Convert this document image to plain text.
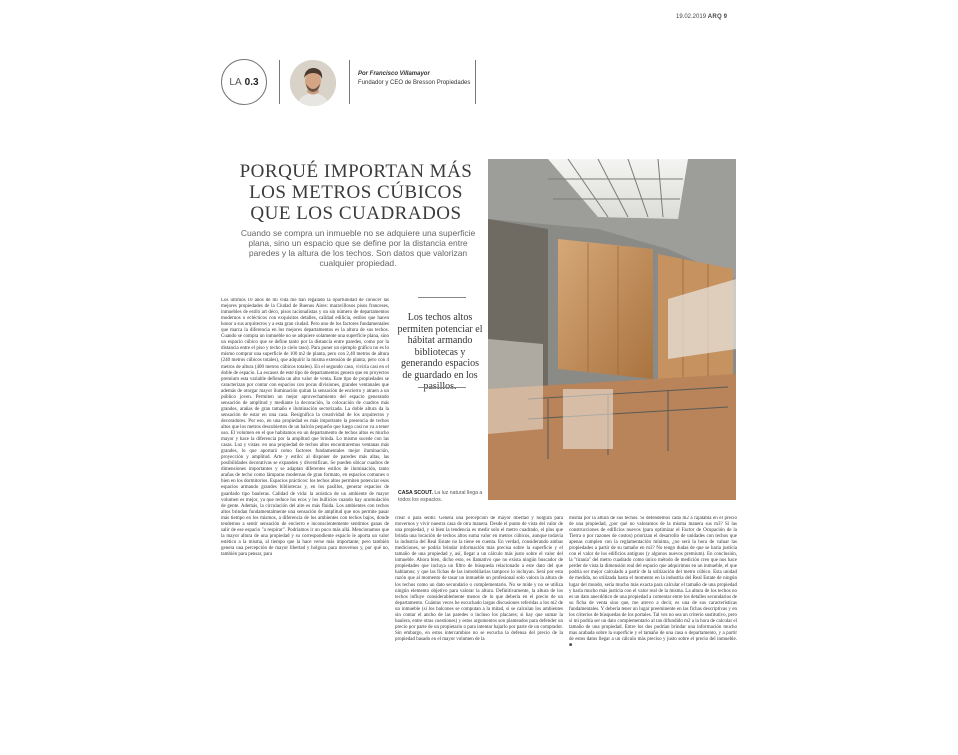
19.02.2019 ARQ 9
LA 0.3
Por Francisco Villamayor
Fundador y CEO de Bresson Propiedades
PORQUÉ IMPORTAN MÁS LOS METROS CÚBICOS QUE LOS CUADRADOS

Cuando se compra un inmueble no se adquiere una superficie plana, sino un espacio que se define por la distancia entre paredes y la altura de los techos. Son datos que valorizan cualquier propiedad.

CASA SCOUT. La luz natural llega a todos los espacios.

Los techos altos permiten potenciar el hábitat armando bibliotecas y generando espacios de guardado en los

Los últimos 10 años de mi vida me han regalado la oportunidad de conocer las mejores propiedades de la Ciudad de Buenos Aires: maravillosos pisos franceses, inmuebles de estilo art déco, pisos racionalistas y un sin número de departamentos modernos o eclécticos con exquisitos detalles, calidad edilicia, estilos que hacen honor a sus arquitectos y a esta gran ciudad. Pero uno de los factores fundamentales que marca la diferencia en los mejores departamentos es la altura de sus techos. Cuando se compra un inmueble no se adquiere solamente una superficie plana, sino un espacio cúbico que se define tanto por la distancia entre paredes, como por la distancia entre el piso y techo (o cielo raso). Para poner un ejemplo gráfico no es lo mismo comprar una superficie de 100 m2 de planta, pero con 2,40 metros de altura (240 metros cúbicos totales), que adquirir la misma extensión de planta, pero con 4 metros de altura (400 metros cúbicos totales). En el segundo caso, viviría casi en el doble de espacio. La escasez de este tipo de departamentos genera que en proyectos premium esta variable defienda un alto valor de venta. Este tipo de propiedades se caracterizan por contar con espacios con pocas divisiones, grandes ventanales que además de otorgar mayor iluminación quitan la sensación de encierro y atraen a un público joven. Permiten un mejor aprovechamiento del espacio generando sensación de amplitud y mediante la decoración, la colocación de cuadros más grandes, arañas de gran tamaño e iluminación sectorizada. La doble altura da la sensación de estar en una casa. Resignifica la creatividad de los arquitectos y decoradores. Por eso, en una propiedad es más importante la presencia de techos altos que los metros descubiertos de un balcón pequeño que luego casi no va a tener uso. El volumen en el que habitamos en un departamento de techos altos es mucho mayor y hace la diferencia por la amplitud que brinda. Lo mismo sucede con las casas. Luz y vistas: en una propiedad de techos altos encontraremos ventanas más grandes, lo que aportará como factores fundamentales mejor iluminación, proyección y amplitud. Arte y estilo: al disponer de paredes más altas, las posibilidades decorativas se expanden y diversifican. Se pueden ubicar cuadros de dimensiones importantes y se adaptan diferentes estilos de iluminación, tanto arañas de techo como lámparas modernas de gran formato, en espacios comunes o bien en los dormitorios. Espacios prácticos: los techos altos permiten potenciar esos espacios armando grandes bibliotecas y, en los pasillos, generar espacios de guardado tipo bauleras. Calidad de vida: la acústica de un ambiente de mayor volumen es mejor, ya que reduce los ecos y los bullicios cuando hay acumulación de gente. Además, la circulación del aire es más fluida. Los ambientes con techos altos brindan fundamentalmente una sensación de amplitud que nos permite pasar más tiempo en los mismos, a diferencia de los ambientes con techos bajos, donde tendemos a sentir sensación de encierro e inconscientemente sentimos ganas de salir de ese espacio "a respirar". Podríamos ir un poco más allá. Mencionamos que la mayor altura de una propiedad y su correspondiente espacio le aporta un valor estético a la misma, al tiempo que la hace verse más importante; pero también genera una percepción de mayor libertad y holgura para movernos y, por qué no, también para pensar, para

crear o para sentir. Genera una percepción de mayor libertad y holgura para movernos y vivir nuestra casa de otra manera. Desde el punto de vista del valor de una propiedad, y si bien la tendencia es medir solo el metro cuadrado, el plus que brinda una locación de techos altos suma valor en metros cúbicos, aunque todavía la industria del Real Estate no la tiene en cuenta. En verdad, considerando ambas mediciones, se podría brindar información más precisa sobre la superficie y el tamaño de una propiedad y, así, llegar a un cálculo más justo sobre el valor del inmueble. Ahora bien, dicho esto, es llamativo que no exista ningún buscador de propiedades que incluya un filtro de búsqueda relacionado a este dato del que hablamos; y que las fichas de las inmobiliarias tampoco lo incluyan. Será por esta razón que al momento de tasar un inmueble un profesional solo valora la altura de los techos como un dato secundario o complementario. No se mide y no se utiliza ningún elemento objetivo para valorar la altura. Definitivamente, la altura de los techos influye considerablemente menos de lo que debería en el precio de un departamento. Cuántas veces he escuchado largas discusiones referidas a los m2 de un inmueble (si los balcones se computan a la mitad, si se calculan los ambientes sin contar el ancho de las paredes o incluso los placares; si hay que sumar la baulera, entre otras cuestiones) y estos argumentos son planteados para defender un precio por parte de un propietario o para intentar bajarlo por parte de un comprador. Sin embargo, en estos intercambios no se escucha la defensa del precio de la propiedad basado en el mayor volumen de la

misma por la altura de sus techos. Si defendemos cada m2 a rajatabla en el precio de una propiedad, ¿por qué no valoramos de la misma manera sus m3? Si las construcciones de edificios nuevos (para optimizar el Factor de Ocupación de la Tierra o por razones de costos) priorizan el desarrollo de unidades con techos que apenas cumplen con la reglamentación mínima, ¿no será la hora de valuar las propiedades a partir de su tamaño en m3? No tengo dudas de que se haría justicia con el valor de los edificios antiguos (y algunos nuevos premium). En conclusión, la "tiranía" del metro cuadrado como único método de medición creo que nos hace perder de vista la dimensión real del espacio que adquirimos en un inmueble, el que podría ser mejor calculado a partir de la utilización del metro cúbico. Esta unidad de medida, no utilizada hasta el momento en la industria del Real Estate de ningún lugar del mundo, sería mucho más exacta para calcular el tamaño de una propiedad y haría mucho más justicia con el valor real de la misma. La altura de los techos no es un dato anecdótico de una propiedad a comentar entre los detalles secundarios de su ficha de venta sino que, me atrevo a decir, es una de sus características fundamentales. Y debería tener un lugar preeminente en las fichas descriptivas y en los criterios de búsquedas de los portales. Tal vez no sea un criterio sustitutivo, pero sí mi podría ser un dato complementario al tan difundido m2 a la hora de calcular el tamaño de una propiedad. Entre los dos podrían brindar una información mucho mas acabada sobre la superficie y el tamaño de una casa o departamento, y a partir de estos datos llegar a un cálculo más preciso y justo sobre el precio del inmueble. ■
